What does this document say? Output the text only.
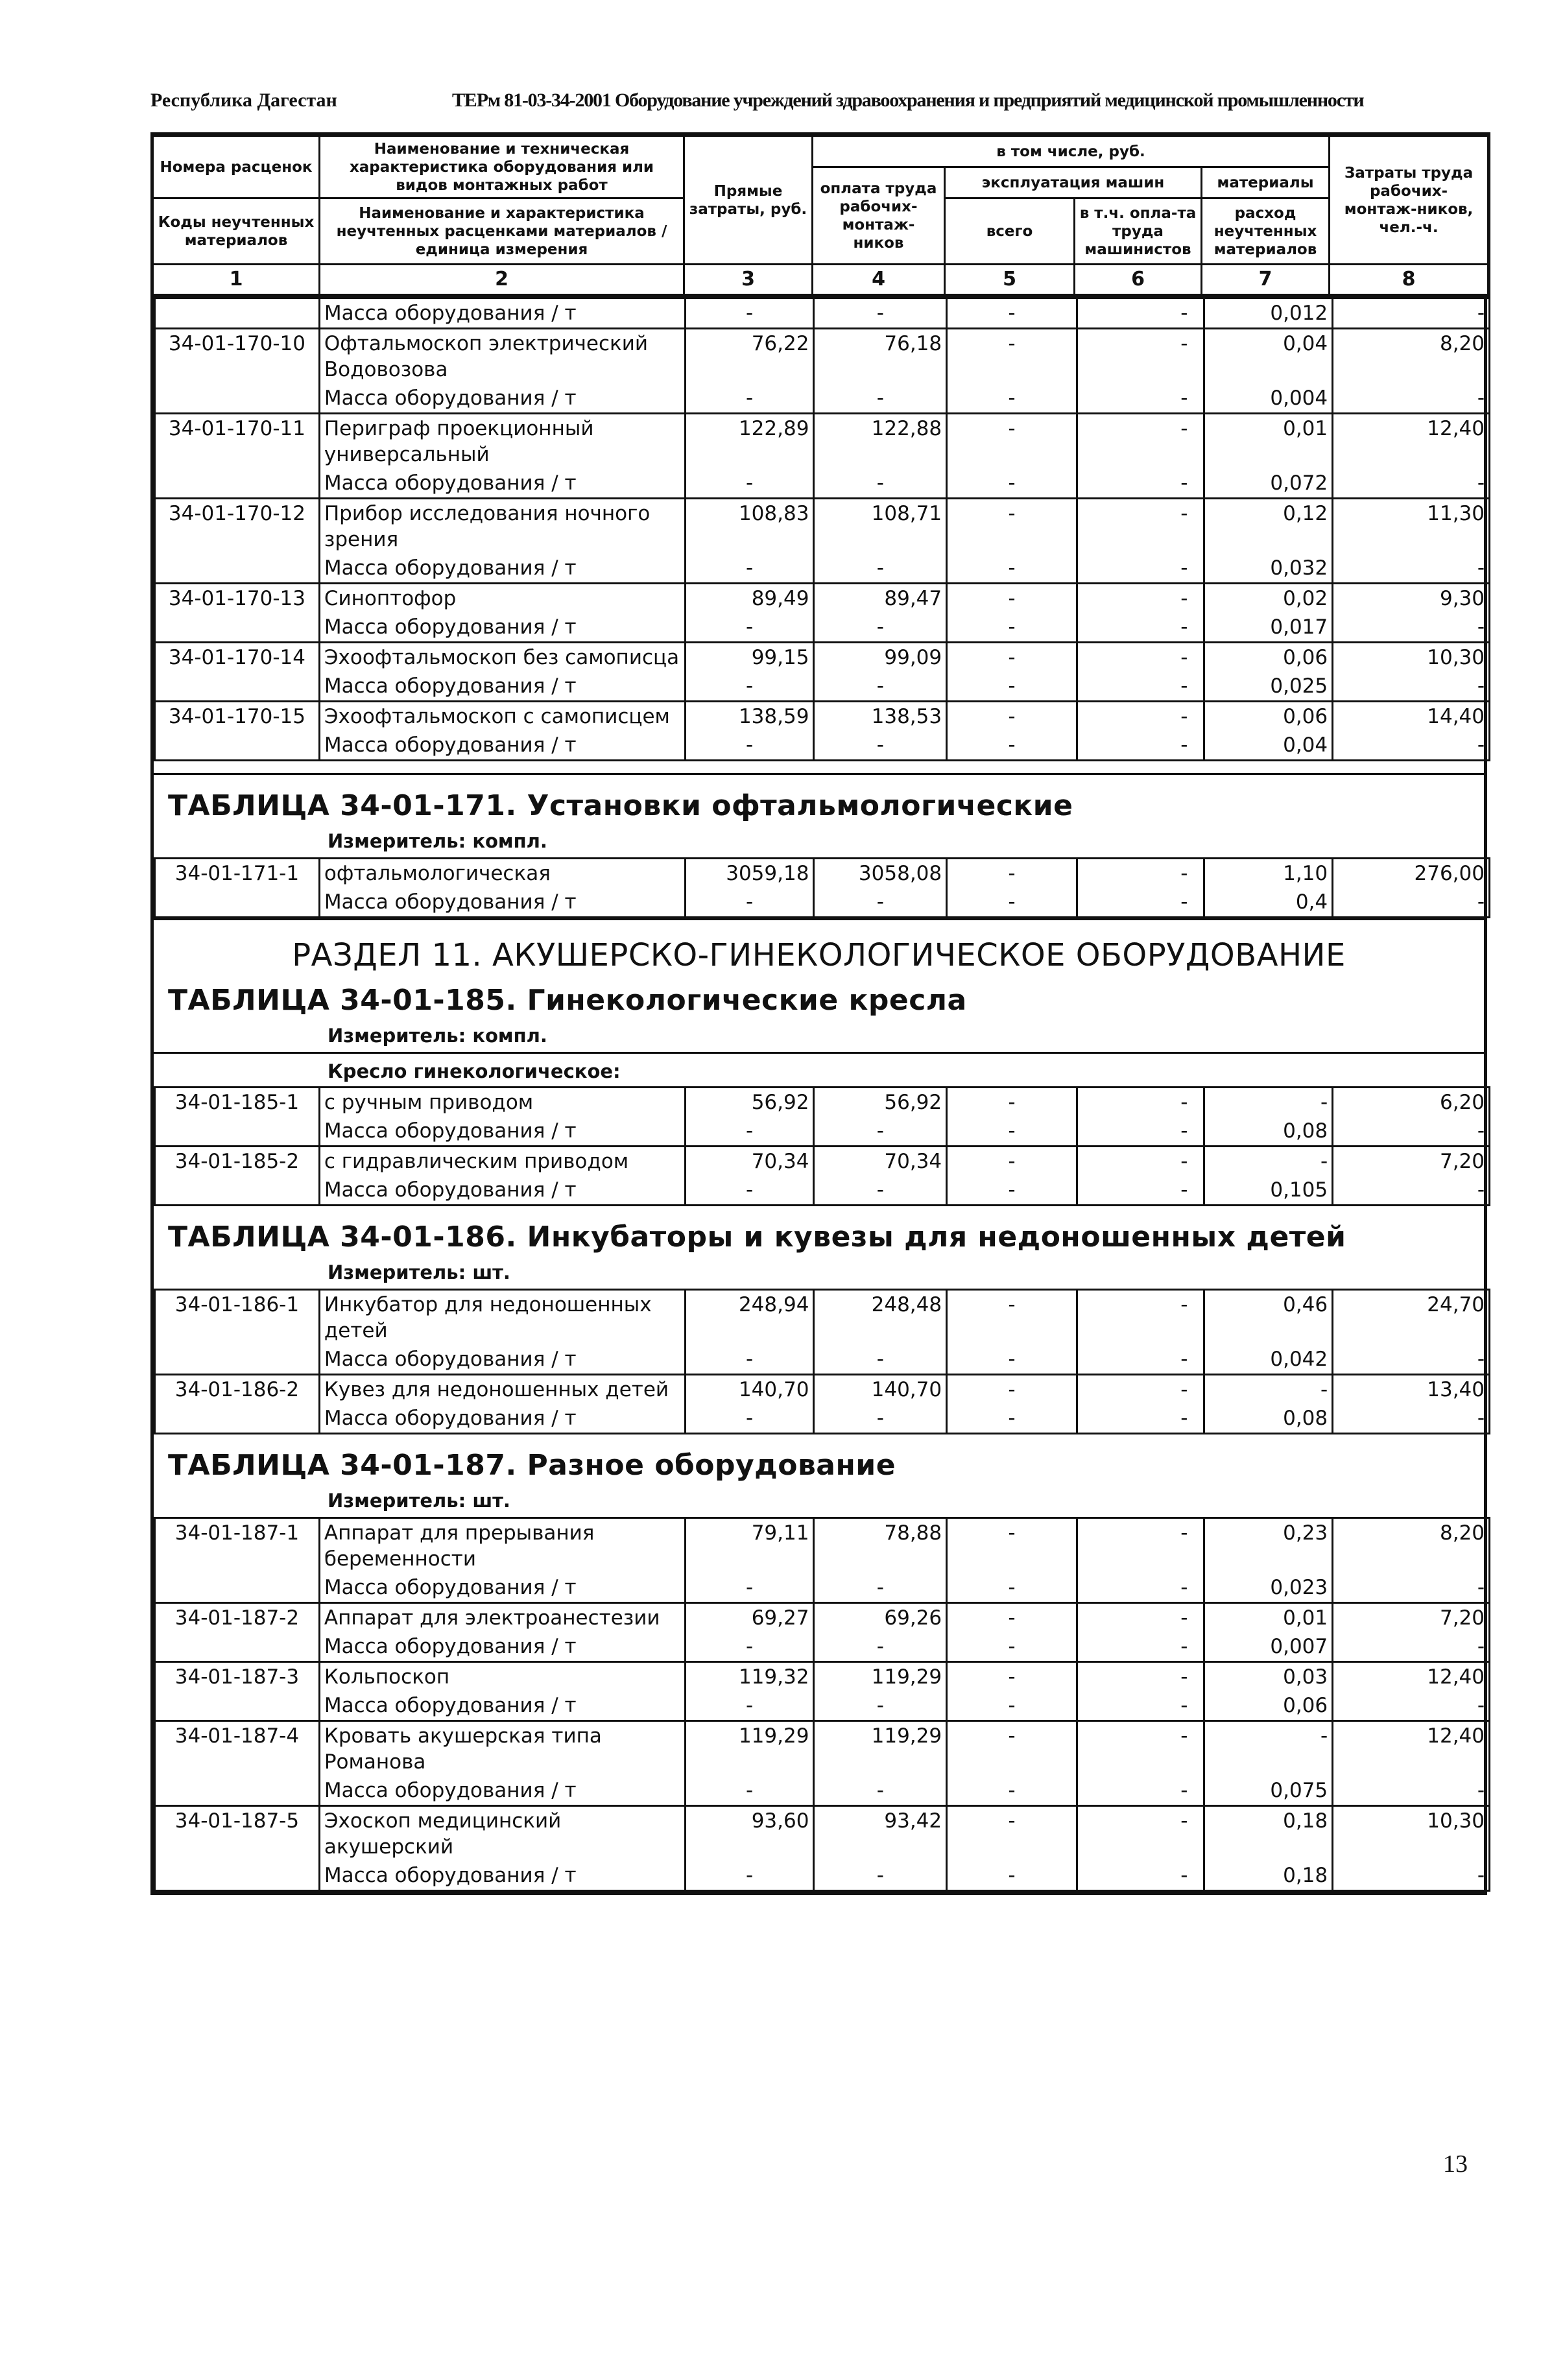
Республика Дагестан	ТЕРм 81-03-34-2001 Оборудование учреждений здравоохранения и предприятий медицинской промышленности
Номера расценок	Наименование и техническая характеристика оборудования или видов монтажных работ	Прямые затраты, руб.	в том числе, руб.				Затраты труда рабочих-монтаж-ников, чел.-ч.
			оплата труда рабочих-монтаж-ников	эксплуатация машин		материалы	
Коды неучтенных материалов	Наименование и характеристика неучтенных расценками материалов / единица измерения			всего	в т.ч. опла-та труда машинистов	расход неучтенных материалов	

1	2	3	4	5	6	7	8
	Масса оборудования / т	-	-	-	-	0,012	-
34-01-170-10	Офтальмоскоп электрический Водовозова	76,22	76,18	-	-	0,04	8,20
	Масса оборудования / т	-	-	-	-	0,004	-
34-01-170-11	Периграф проекционный универсальный	122,89	122,88	-	-	0,01	12,40
	Масса оборудования / т	-	-	-	-	0,072	-
34-01-170-12	Прибор исследования ночного зрения	108,83	108,71	-	-	0,12	11,30
	Масса оборудования / т	-	-	-	-	0,032	-
34-01-170-13	Синоптофор	89,49	89,47	-	-	0,02	9,30
	Масса оборудования / т	-	-	-	-	0,017	-
34-01-170-14	Эхоофтальмоскоп без самописца	99,15	99,09	-	-	0,06	10,30
	Масса оборудования / т	-	-	-	-	0,025	-
34-01-170-15	Эхоофтальмоскоп с самописцем	138,59	138,53	-	-	0,06	14,40
	Масса оборудования / т	-	-	-	-	0,04	-
ТАБЛИЦА 34-01-171. Установки офтальмологические
Измеритель: компл.
34-01-171-1	офтальмологическая	3059,18	3058,08	-	-	1,10	276,00
	Масса оборудования / т	-	-	-	-	0,4	-
РАЗДЕЛ 11. АКУШЕРСКО-ГИНЕКОЛОГИЧЕСКОЕ ОБОРУДОВАНИЕ
ТАБЛИЦА 34-01-185. Гинекологические кресла
Измеритель: компл.
Кресло гинекологическое:
34-01-185-1	с ручным приводом	56,92	56,92	-	-	-	6,20
	Масса оборудования / т	-	-	-	-	0,08	-
34-01-185-2	с гидравлическим приводом	70,34	70,34	-	-	-	7,20
	Масса оборудования / т	-	-	-	-	0,105	-
ТАБЛИЦА 34-01-186. Инкубаторы и кувезы для недоношенных детей
Измеритель: шт.
34-01-186-1	Инкубатор для недоношенных детей	248,94	248,48	-	-	0,46	24,70
	Масса оборудования / т	-	-	-	-	0,042	-
34-01-186-2	Кувез для недоношенных детей	140,70	140,70	-	-	-	13,40
	Масса оборудования / т	-	-	-	-	0,08	-
ТАБЛИЦА 34-01-187. Разное оборудование
Измеритель: шт.
34-01-187-1	Аппарат для прерывания беременности	79,11	78,88	-	-	0,23	8,20
	Масса оборудования / т	-	-	-	-	0,023	-
34-01-187-2	Аппарат для электроанестезии	69,27	69,26	-	-	0,01	7,20
	Масса оборудования / т	-	-	-	-	0,007	-
34-01-187-3	Кольпоскоп	119,32	119,29	-	-	0,03	12,40
	Масса оборудования / т	-	-	-	-	0,06	-
34-01-187-4	Кровать акушерская типа Романова	119,29	119,29	-	-	-	12,40
	Масса оборудования / т	-	-	-	-	0,075	-
34-01-187-5	Эхоскоп медицинский акушерский	93,60	93,42	-	-	0,18	10,30
	Масса оборудования / т	-	-	-	-	0,18	-
13
